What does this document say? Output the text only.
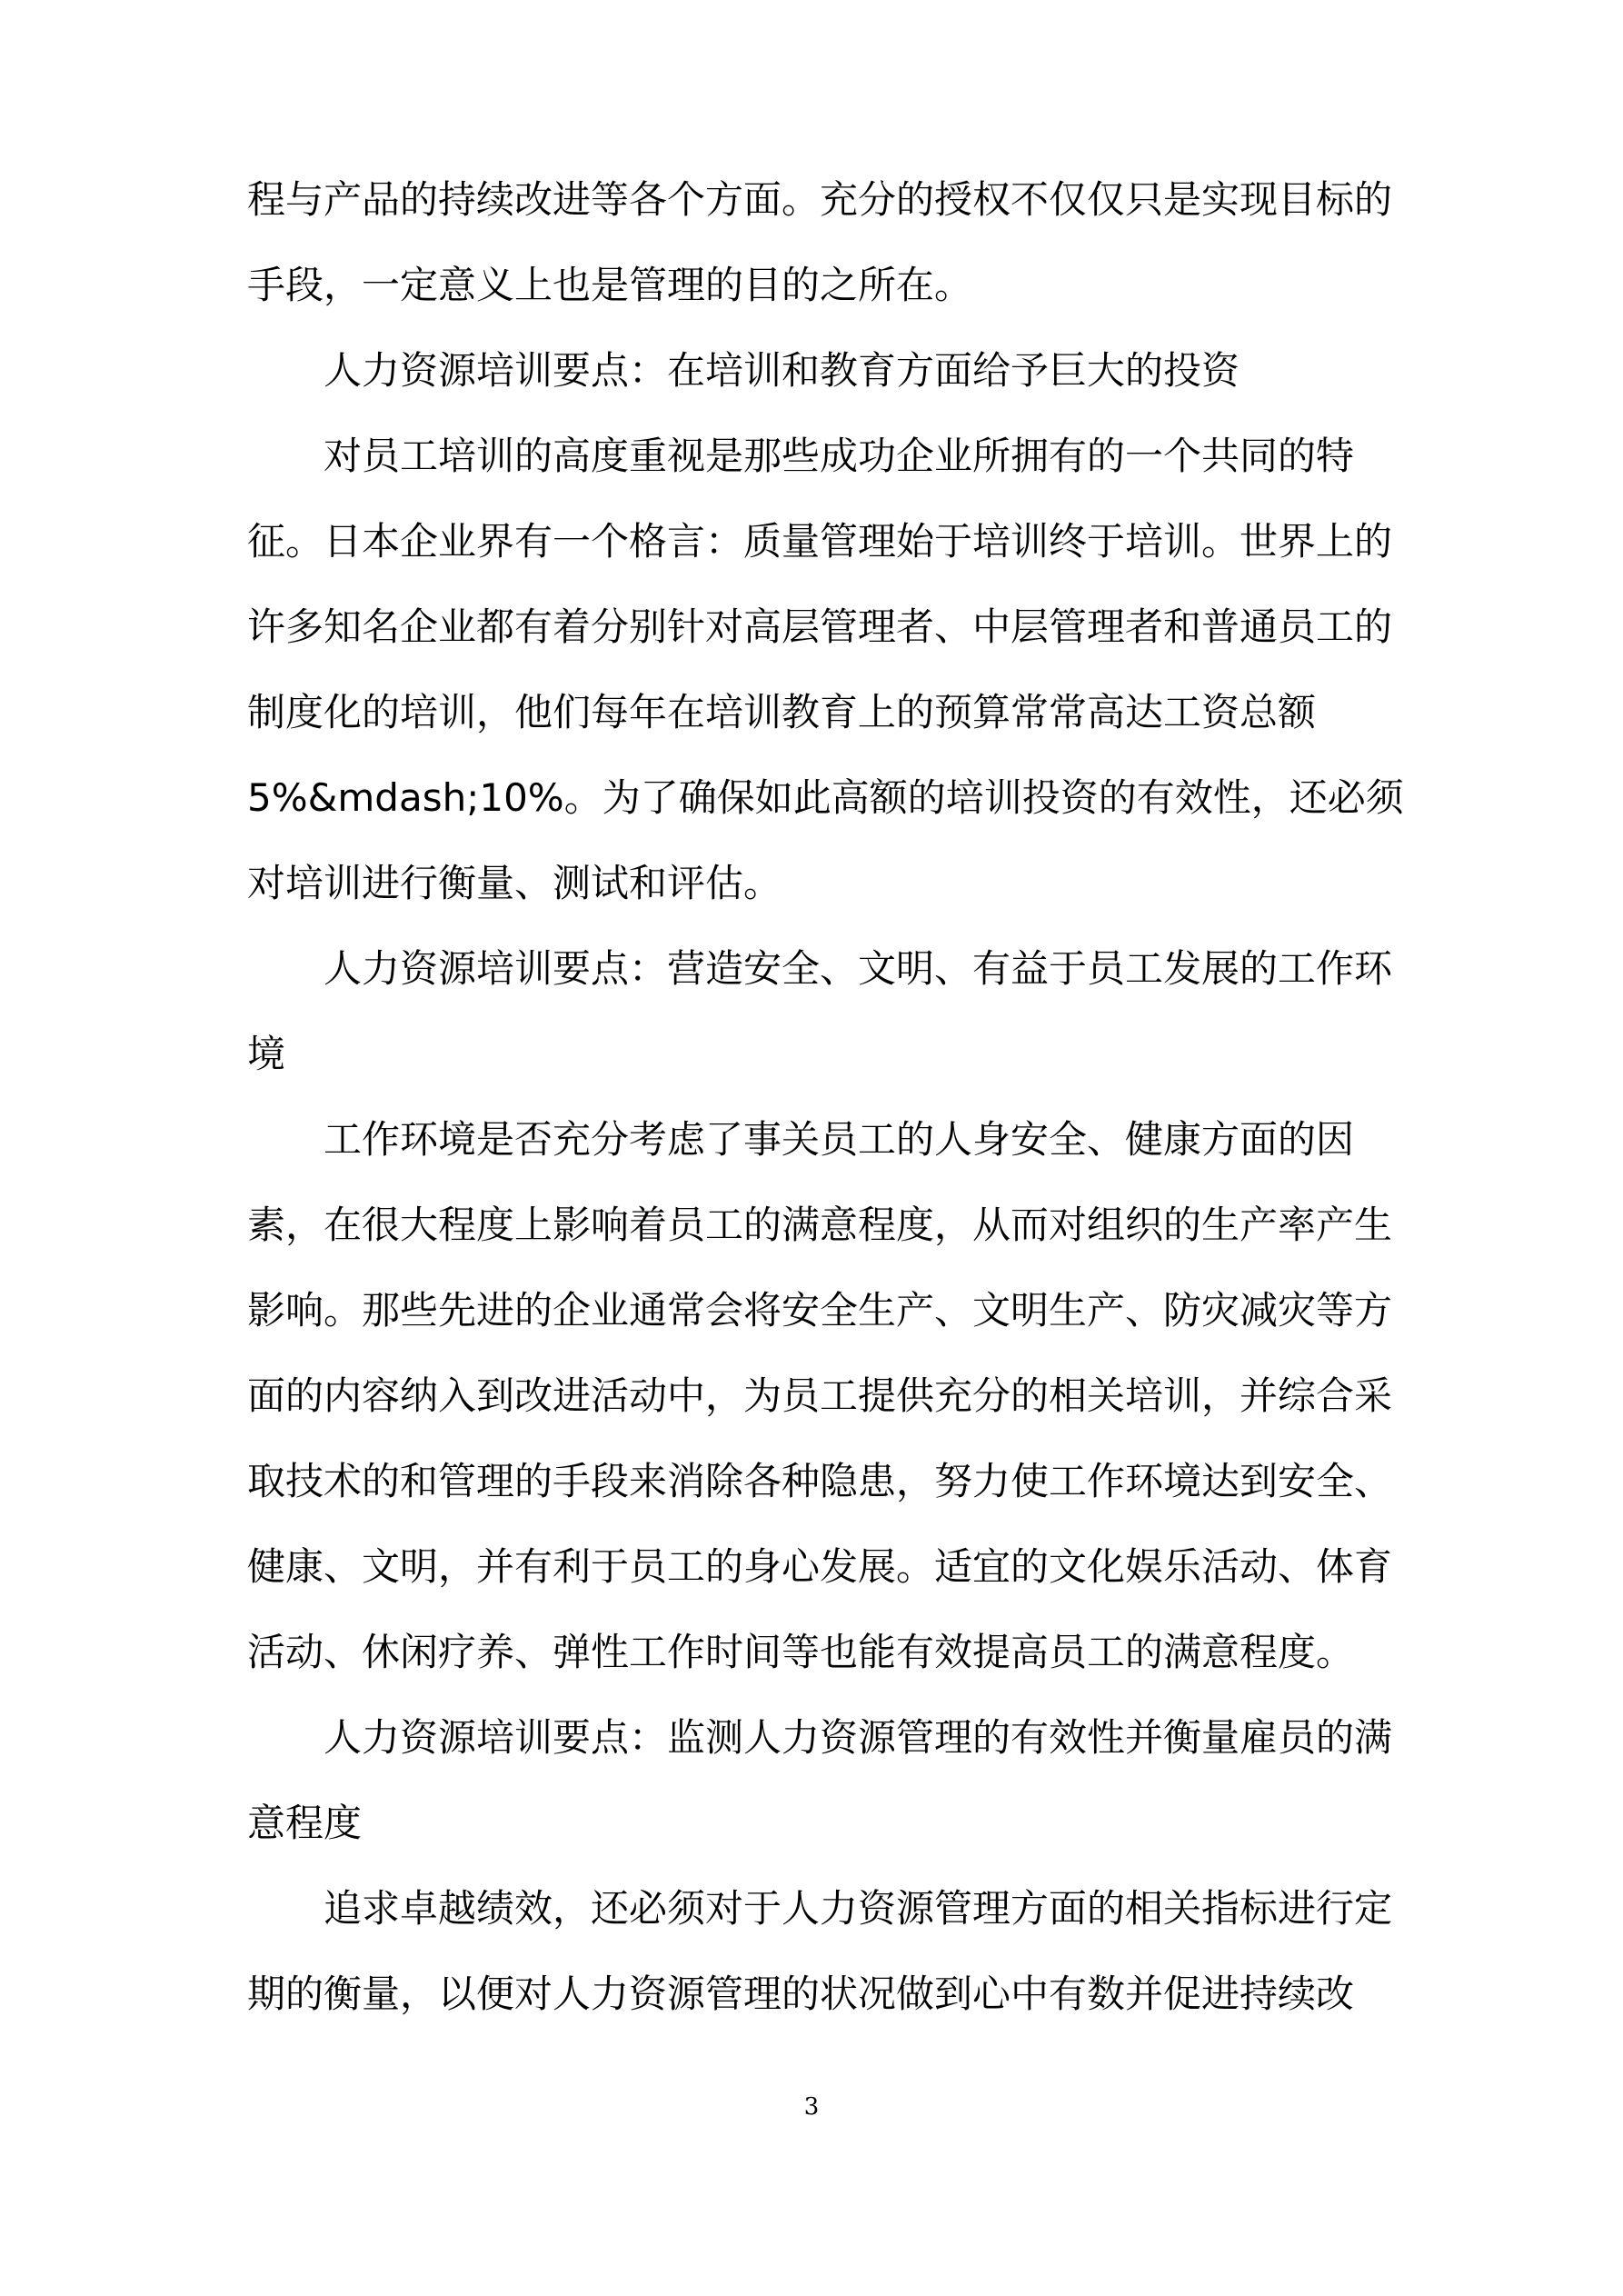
程与产品的持续改进等各个方面。充分的授权不仅仅只是实现目标的
手段，一定意义上也是管理的目的之所在。
人力资源培训要点：在培训和教育方面给予巨大的投资
对员工培训的高度重视是那些成功企业所拥有的一个共同的特
征。日本企业界有一个格言：质量管理始于培训终于培训。世界上的
许多知名企业都有着分别针对高层管理者、中层管理者和普通员工的
制度化的培训，他们每年在培训教育上的预算常常高达工资总额
5%&mdash;10%。为了确保如此高额的培训投资的有效性，还必须
对培训进行衡量、测试和评估。
人力资源培训要点：营造安全、文明、有益于员工发展的工作环
境
工作环境是否充分考虑了事关员工的人身安全、健康方面的因
素，在很大程度上影响着员工的满意程度，从而对组织的生产率产生
影响。那些先进的企业通常会将安全生产、文明生产、防灾减灾等方
面的内容纳入到改进活动中，为员工提供充分的相关培训，并综合采
取技术的和管理的手段来消除各种隐患，努力使工作环境达到安全、
健康、文明，并有利于员工的身心发展。适宜的文化娱乐活动、体育
活动、休闲疗养、弹性工作时间等也能有效提高员工的满意程度。
人力资源培训要点：监测人力资源管理的有效性并衡量雇员的满
意程度
追求卓越绩效，还必须对于人力资源管理方面的相关指标进行定
期的衡量，以便对人力资源管理的状况做到心中有数并促进持续改
3
